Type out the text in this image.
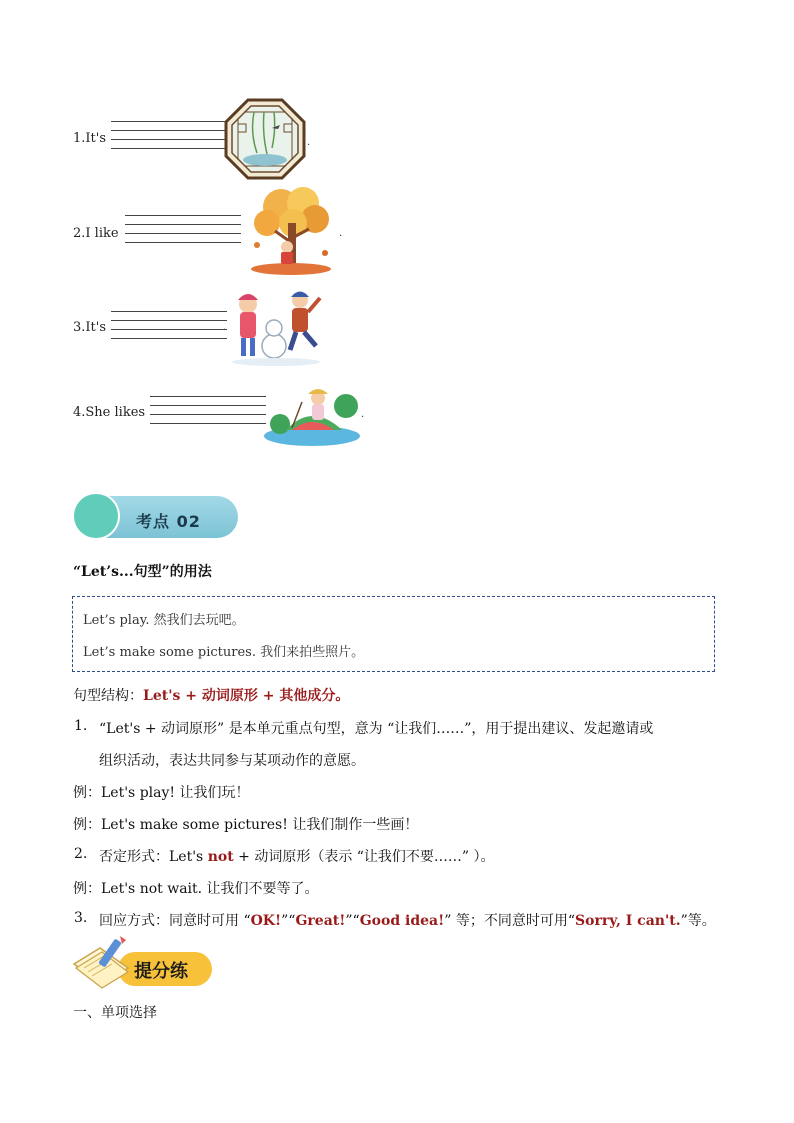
1.It's	.
2.I like	.
3.It's	.
4.She likes	.
考点 02
“Let’s...句型”的用法
Let’s play. 然我们去玩吧。
Let’s make some pictures. 我们来拍些照片。
句型结构：Let's + 动词原形 + 其他成分。
1. “Let's + 动词原形” 是本单元重点句型，意为 “让我们……”，用于提出建议、发起邀请或
组织活动，表达共同参与某项动作的意愿。
例：Let's play! 让我们玩！
例：Let's make some pictures! 让我们制作一些画！
2. 否定形式：Let's not + 动词原形（表示 “让我们不要……” ）。
例：Let's not wait. 让我们不要等了。
3. 回应方式：同意时可用 “OK!”“Great!”“Good idea!” 等；不同意时可用“Sorry, I can't.”等。
提分练
一、单项选择
